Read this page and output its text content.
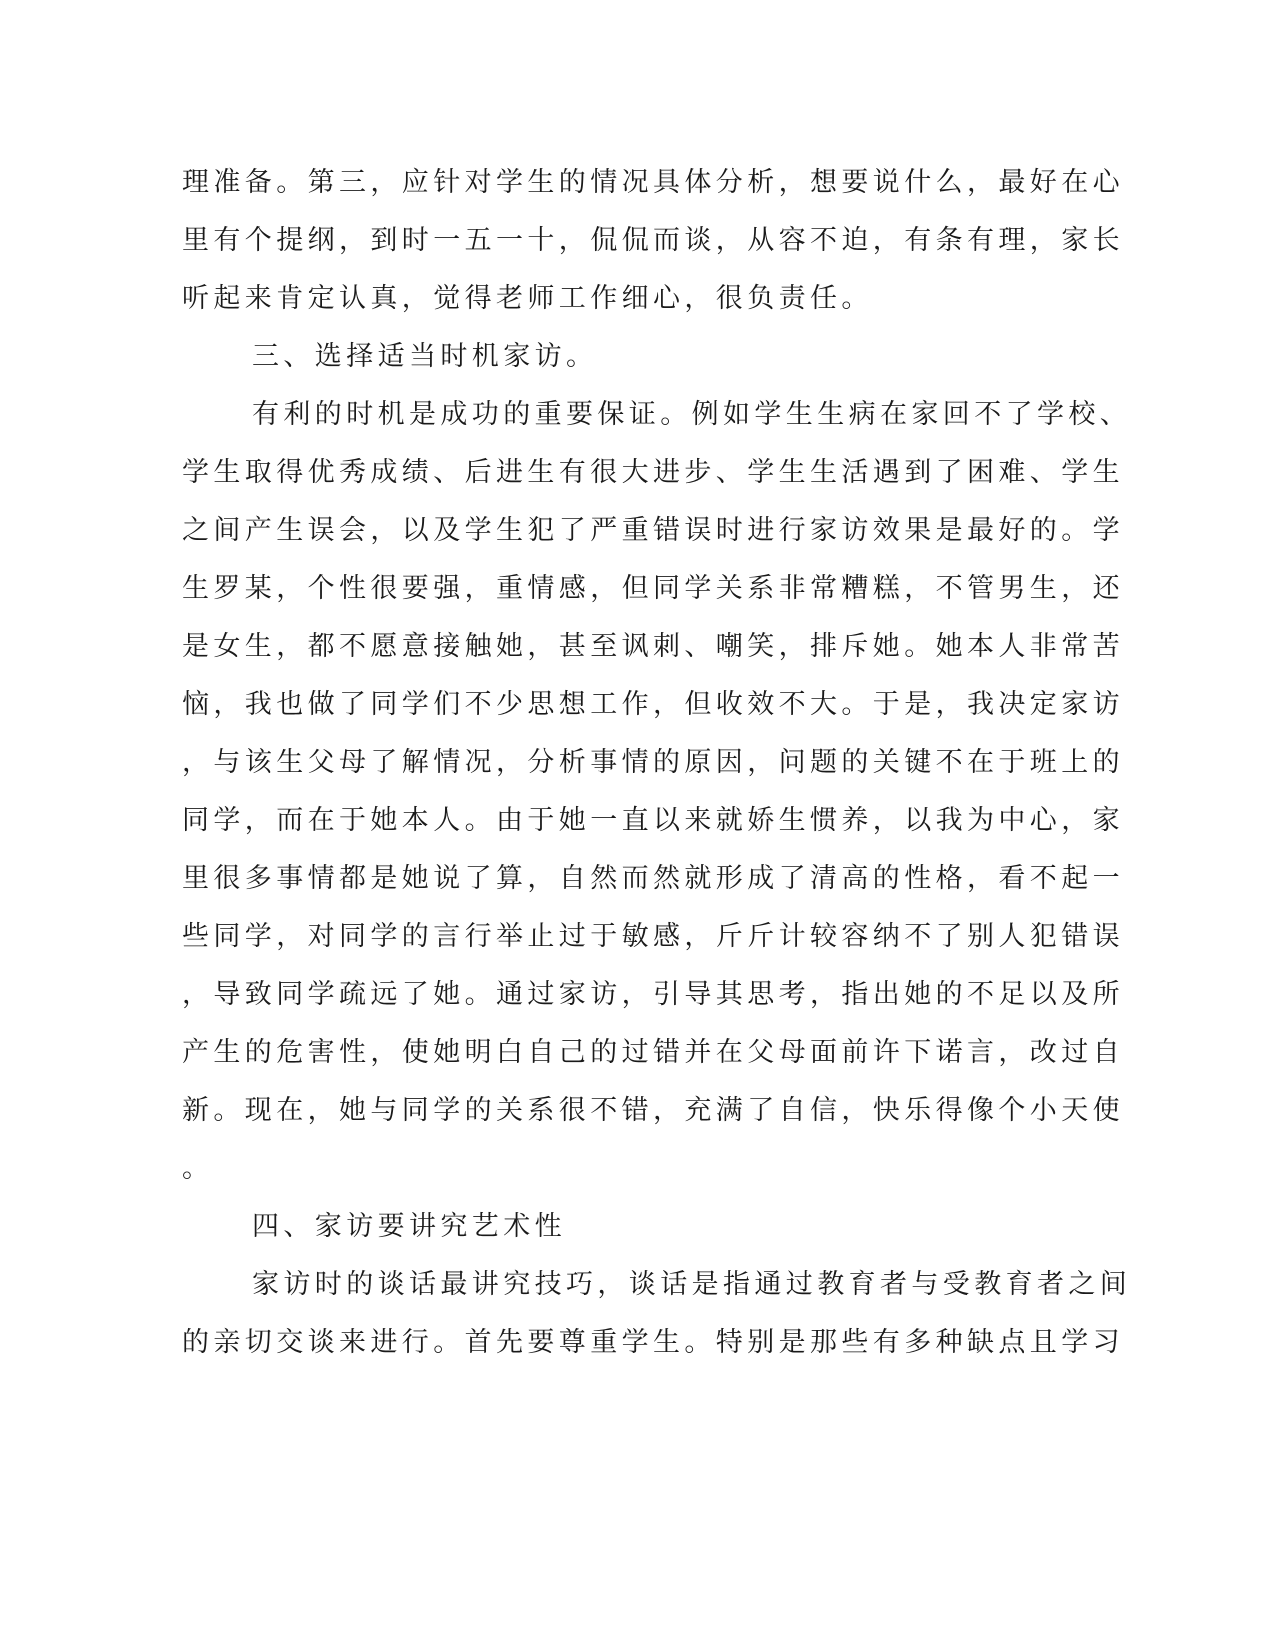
理准备。第三，应针对学生的情况具体分析，想要说什么，最好在心
里有个提纲，到时一五一十，侃侃而谈，从容不迫，有条有理，家长
听起来肯定认真，觉得老师工作细心，很负责任。
三、选择适当时机家访。
有利的时机是成功的重要保证。例如学生生病在家回不了学校、
学生取得优秀成绩、后进生有很大进步、学生生活遇到了困难、学生
之间产生误会，以及学生犯了严重错误时进行家访效果是最好的。学
生罗某，个性很要强，重情感，但同学关系非常糟糕，不管男生，还
是女生，都不愿意接触她，甚至讽刺、嘲笑，排斥她。她本人非常苦
恼，我也做了同学们不少思想工作，但收效不大。于是，我决定家访
，与该生父母了解情况，分析事情的原因，问题的关键不在于班上的
同学，而在于她本人。由于她一直以来就娇生惯养，以我为中心，家
里很多事情都是她说了算，自然而然就形成了清高的性格，看不起一
些同学，对同学的言行举止过于敏感，斤斤计较容纳不了别人犯错误
，导致同学疏远了她。通过家访，引导其思考，指出她的不足以及所
产生的危害性，使她明白自己的过错并在父母面前许下诺言，改过自
新。现在，她与同学的关系很不错，充满了自信，快乐得像个小天使
。
四、家访要讲究艺术性
家访时的谈话最讲究技巧，谈话是指通过教育者与受教育者之间
的亲切交谈来进行。首先要尊重学生。特别是那些有多种缺点且学习
